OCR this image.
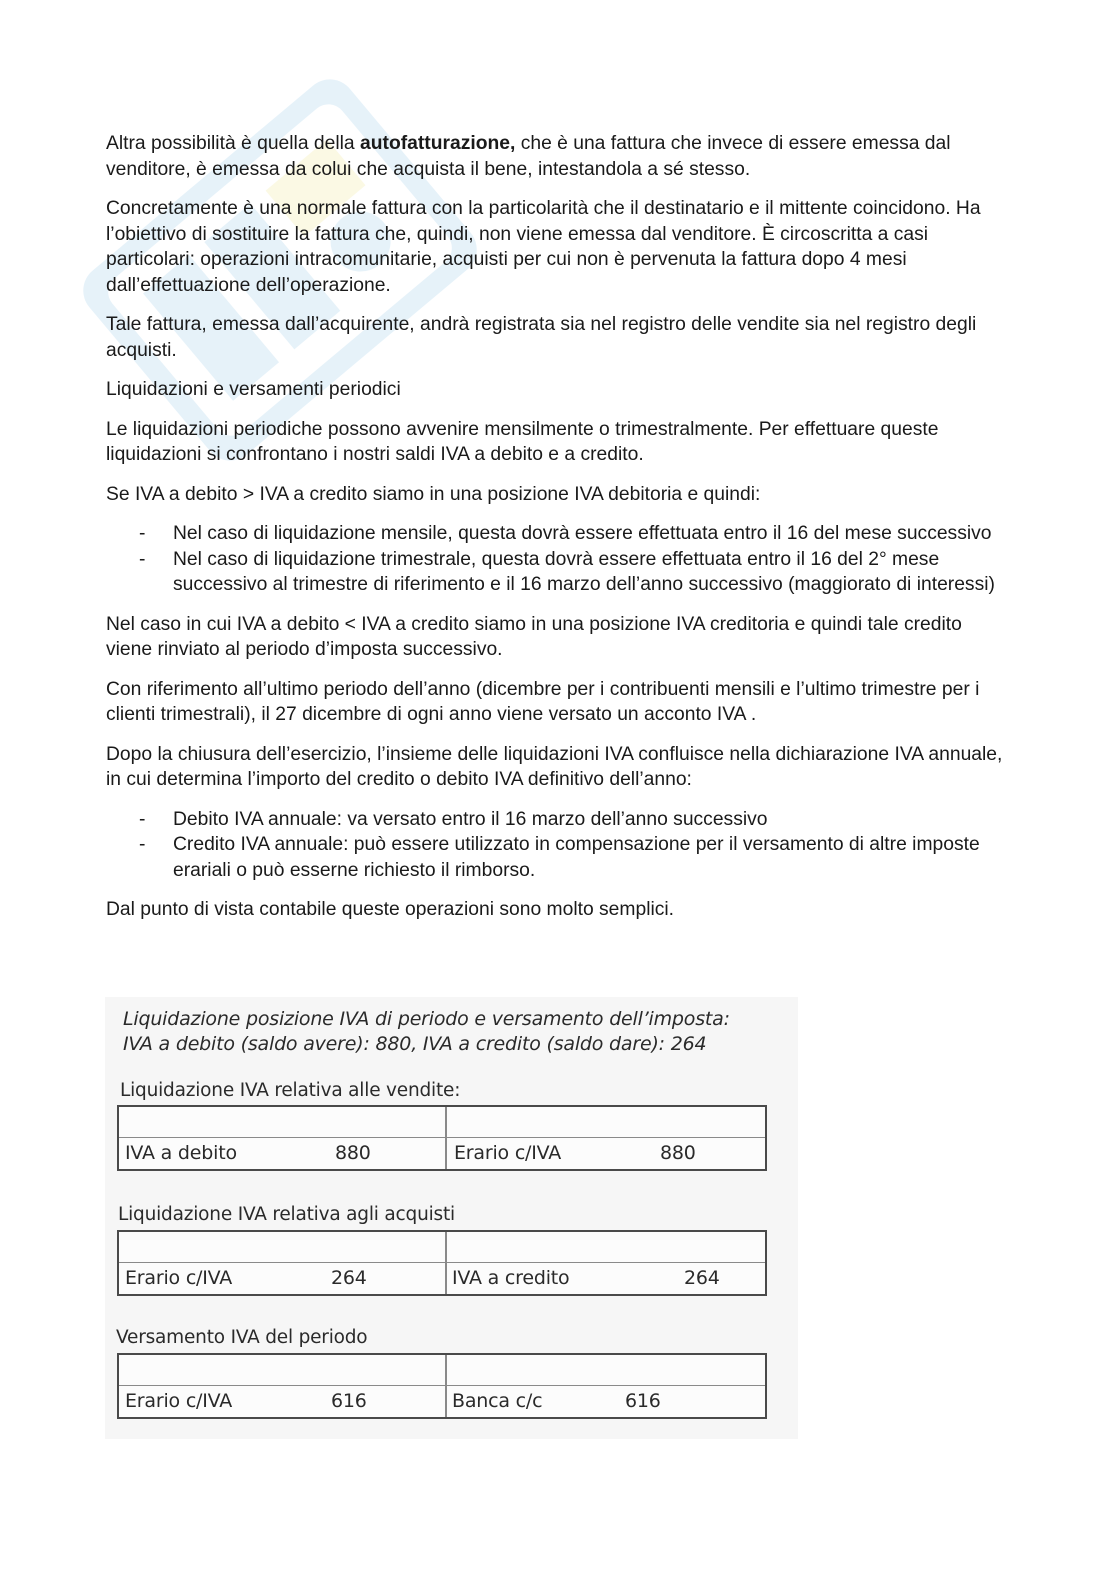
Altra possibilità è quella della autofatturazione, che è una fattura che invece di essere emessa dal venditore, è emessa da colui che acquista il bene, intestandola a sé stesso.

Concretamente è una normale fattura con la particolarità che il destinatario e il mittente coincidono. Ha l’obiettivo di sostituire la fattura che, quindi, non viene emessa dal venditore. È circoscritta a casi particolari: operazioni intracomunitarie, acquisti per cui non è pervenuta la fattura dopo 4 mesi dall’effettuazione dell’operazione.

Tale fattura, emessa dall’acquirente, andrà registrata sia nel registro delle vendite sia nel registro degli acquisti.

Liquidazioni e versamenti periodici

Le liquidazioni periodiche possono avvenire mensilmente o trimestralmente. Per effettuare queste liquidazioni si confrontano i nostri saldi IVA a debito e a credito.

Se IVA a debito > IVA a credito siamo in una posizione IVA debitoria e quindi:

- Nel caso di liquidazione mensile, questa dovrà essere effettuata entro il 16 del mese successivo
- Nel caso di liquidazione trimestrale, questa dovrà essere effettuata entro il 16 del 2° mese successivo al trimestre di riferimento e il 16 marzo dell’anno successivo (maggiorato di interessi)

Nel caso in cui IVA a debito < IVA a credito siamo in una posizione IVA creditoria e quindi tale credito viene rinviato al periodo d’imposta successivo.

Con riferimento all’ultimo periodo dell’anno (dicembre per i contribuenti mensili e l’ultimo trimestre per i clienti trimestrali), il 27 dicembre di ogni anno viene versato un acconto IVA .

Dopo la chiusura dell’esercizio, l’insieme delle liquidazioni IVA confluisce nella dichiarazione IVA annuale, in cui determina l’importo del credito o debito IVA definitivo dell’anno:

- Debito IVA annuale: va versato entro il 16 marzo dell’anno successivo
- Credito IVA annuale: può essere utilizzato in compensazione per il versamento di altre imposte erariali o può esserne richiesto il rimborso.

Dal punto di vista contabile queste operazioni sono molto semplici.

Liquidazione posizione IVA di periodo e versamento dell’imposta:
IVA a debito (saldo avere): 880, IVA a credito (saldo dare): 264
Liquidazione IVA relativa alle vendite:
IVA a debito	880	Erario c/IVA	880
Liquidazione IVA relativa agli acquisti
Erario c/IVA	264	IVA a credito	264
Versamento IVA del periodo
Erario c/IVA	616	Banca c/c	616
